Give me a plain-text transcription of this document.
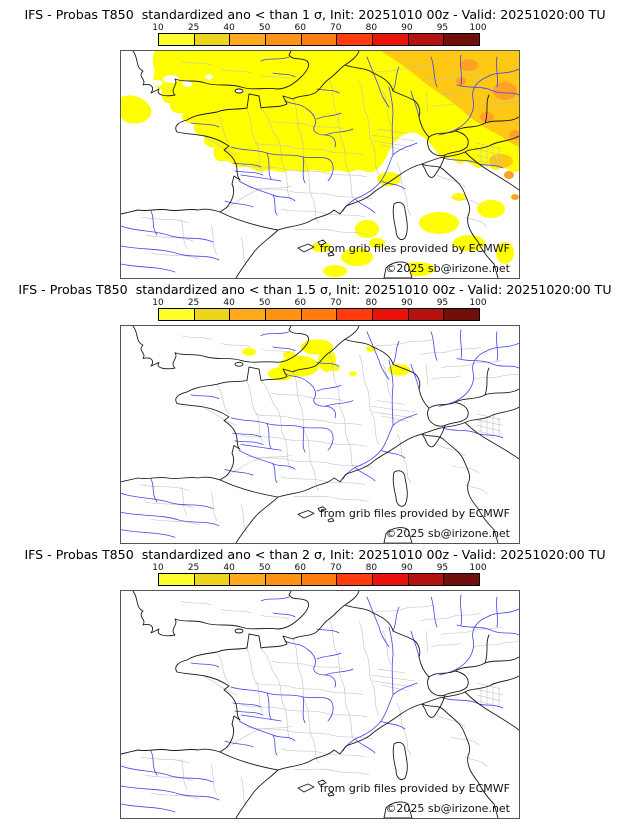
IFS - Probas T850  standardized ano < than 1 σ, Init: 20251010 00z - Valid: 20251020:00 TU
10	25	40	50	60	70	80	90	95 100
from grib files provided by ECMWF
©2025 sb@irizone.net
IFS - Probas T850  standardized ano < than 1.5 σ, Init: 20251010 00z - Valid: 20251020:00 TU
10	25	40	50	60	70	80	90	95 100
from grib files provided by ECMWF
©2025 sb@irizone.net
IFS - Probas T850  standardized ano < than 2 σ, Init: 20251010 00z - Valid: 20251020:00 TU
10	25	40	50	60	70	80	90	95 100
from grib files provided by ECMWF
©2025 sb@irizone.net
